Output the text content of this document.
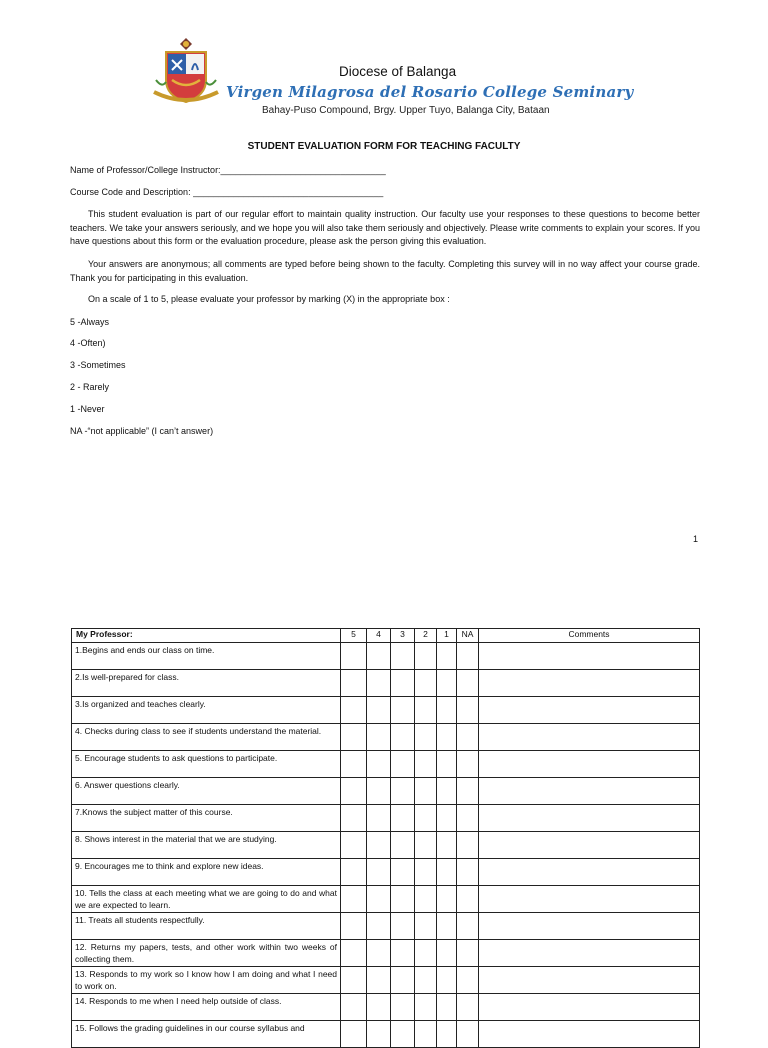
Diocese of Balanga
Virgen Milagrosa del Rosario College Seminary
Bahay-Puso Compound, Brgy. Upper Tuyo, Balanga City, Bataan
STUDENT EVALUATION FORM FOR TEACHING FACULTY
Name of Professor/College Instructor:_________________________________
Course Code and Description: ______________________________________
This student evaluation is part of our regular effort to maintain quality instruction. Our faculty use your responses to these questions to become better teachers. We take your answers seriously, and we hope you will also take them seriously and objectively. Please write comments to explain your scores. If you have questions about this form or the evaluation procedure, please ask the person giving this evaluation.
Your answers are anonymous; all comments are typed before being shown to the faculty. Completing this survey will in no way affect your course grade. Thank you for participating in this evaluation.
On a scale of 1 to 5, please evaluate your professor by marking (X) in the appropriate box :
5 -Always
4 -Often)
3 -Sometimes
2 - Rarely
1 -Never
NA -“not applicable” (I can’t answer)
1
My Professor:	5	4	3	2	1	NA	Comments
1.Begins and ends our class on time.							
2.Is well-prepared for class.							
3.Is organized and teaches clearly.							
4. Checks during class to see if students understand the material.							
5. Encourage students to ask questions to participate.							
6. Answer questions clearly.							
7.Knows the subject matter of this course.							
8. Shows interest in the material that we are studying.							
9. Encourages me to think and explore new ideas.							
10. Tells the class at each meeting what we are going to do and what we are expected to learn.							
11. Treats all students respectfully.							
12. Returns my papers, tests, and other work within two weeks of collecting them.							
13. Responds to my work so I know how I am doing and what I need to work on.							
14. Responds to me when I need help outside of class.							
15. Follows the grading guidelines in our course syllabus and							
